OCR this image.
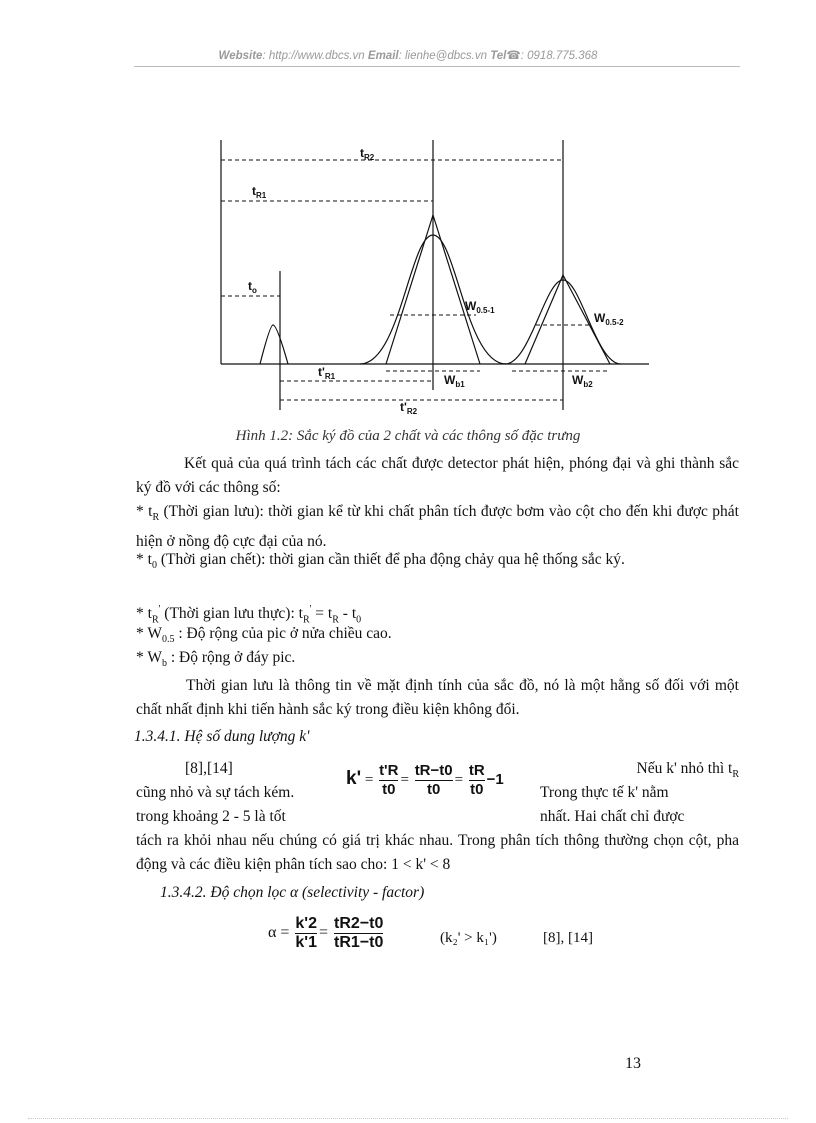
Website: http://www.dbcs.vn Email: lienhe@dbcs.vn Tel☎: 0918.775.368
$t_{R2}$
$t_{R1}$
$t_o$
$W_{0.5-1}$
$W_{0.5-2}$
$t'_{R1}$	$W_{b1}$	$W_{b2}$
$t'_{R2}$
Hình 1.2: Sắc ký đồ của 2 chất và các thông số đặc trưng
Kết quả của quá trình tách các chất được detector phát hiện, phóng đại và ghi thành sắc ký đồ với các thông số:
* $t_R$ (Thời gian lưu): thời gian kể từ khi chất phân tích được bơm vào cột cho đến khi được phát hiện ở nồng độ cực đại của nó.
* $t_0$ (Thời gian chết): thời gian cần thiết để pha động chảy qua hệ thống sắc ký.
* $t_R'$ (Thời gian lưu thực): $t_R' = t_R - t_0$
* $W_{0.5}$ : Độ rộng của pic ở nửa chiều cao.
* $W_b$ : Độ rộng ở đáy pic.
Thời gian lưu là thông tin về mặt định tính của sắc đồ, nó là một hằng số đối với một chất nhất định khi tiến hành sắc ký trong điều kiện không đổi.
1.3.4.1. Hệ số dung lượng k'
[8],[14]	Nếu k' nhỏ thì $t_R$
cũng nhỏ và sự tách kém.	Trong thực tế k' nằm
trong khoảng 2 - 5 là tốt	nhất. Hai chất chỉ được
$k' = \frac{t'R}{t0} = \frac{tR-t0}{t0} = \frac{tR}{t0} -1$
tách ra khỏi nhau nếu chúng có giá trị khác nhau. Trong phân tích thông thường chọn cột, pha động và các điều kiện phân tích sao cho: 1 < k' < 8
1.3.4.2. Độ chọn lọc α (selectivity - factor)
$\alpha = \frac{k'2}{k'1} = \frac{tR2-t0}{tR1-t0}$	(k₂' > k₁')	[8], [14]
13
